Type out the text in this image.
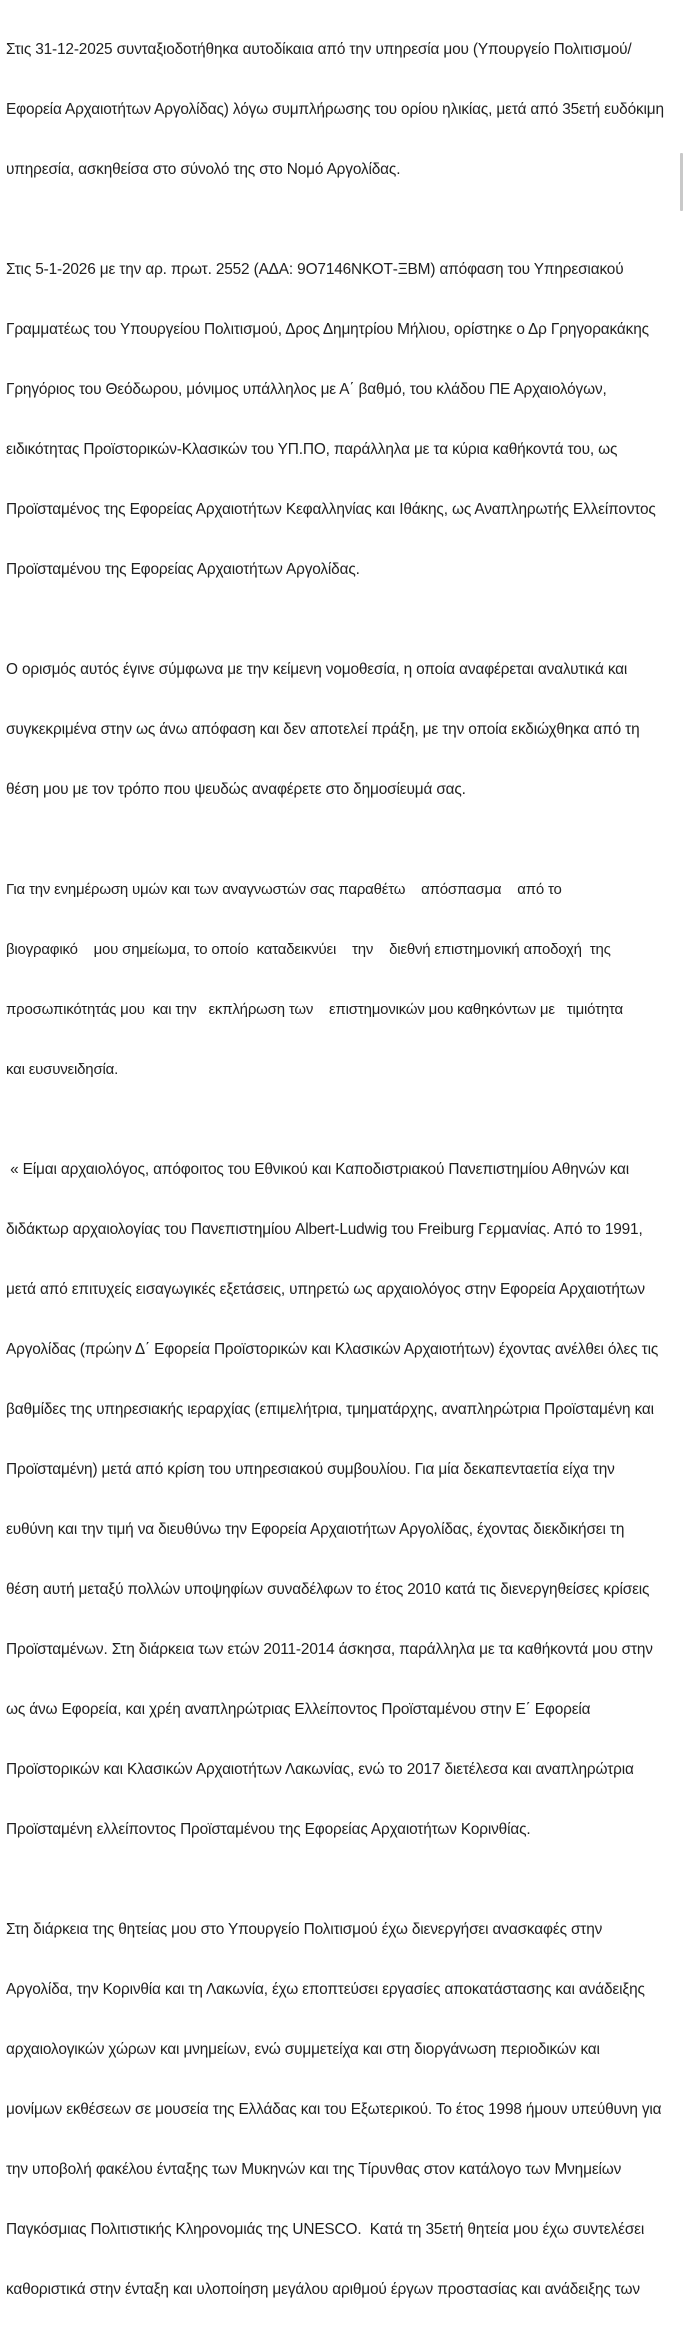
Στις 31-12-2025 συνταξιοδοτήθηκα αυτοδίκαια από την υπηρεσία μου (Υπουργείο Πολιτισμού/

Εφορεία Αρχαιοτήτων Αργολίδας) λόγω συμπλήρωσης του ορίου ηλικίας, μετά από 35ετή ευδόκιμη

υπηρεσία, ασκηθείσα στο σύνολό της στο Νομό Αργολίδας.

Στις 5-1-2026 με την αρ. πρωτ. 2552 (ΑΔΑ: 9Ο7146ΝΚΟΤ-ΞΒΜ) απόφαση του Υπηρεσιακού

Γραμματέως του Υπουργείου Πολιτισμού, Δρος Δημητρίου Μήλιου, ορίστηκε ο Δρ Γρηγορακάκης

Γρηγόριος του Θεόδωρου, μόνιμος υπάλληλος με Α΄ βαθμό, του κλάδου ΠΕ Αρχαιολόγων,

ειδικότητας Προϊστορικών-Κλασικών του ΥΠ.ΠΟ, παράλληλα με τα κύρια καθήκοντά του, ως

Προϊσταμένος της Εφορείας Αρχαιοτήτων Κεφαλληνίας και Ιθάκης, ως Αναπληρωτής Ελλείποντος

Προϊσταμένου της Εφορείας Αρχαιοτήτων Αργολίδας.

Ο ορισμός αυτός έγινε σύμφωνα με την κείμενη νομοθεσία, η οποία αναφέρεται αναλυτικά και

συγκεκριμένα στην ως άνω απόφαση και δεν αποτελεί πράξη, με την οποία εκδιώχθηκα από τη

θέση μου με τον τρόπο που ψευδώς αναφέρετε στο δημοσίευμά σας.

Για την ενημέρωση υμών και των αναγνωστών σας παραθέτω    απόσπασμα    από το

βιογραφικό    μου σημείωμα, το οποίο  καταδεικνύει    την    διεθνή επιστημονική αποδοχή  της

προσωπικότητάς μου  και την   εκπλήρωση των    επιστημονικών μου καθηκόντων με   τιμιότητα

και ευσυνειδησία.

« Είμαι αρχαιολόγος, απόφοιτος του Εθνικού και Καποδιστριακού Πανεπιστημίου Αθηνών και

διδάκτωρ αρχαιολογίας του Πανεπιστημίου Albert-Ludwig του Freiburg Γερμανίας. Από το 1991,

μετά από επιτυχείς εισαγωγικές εξετάσεις, υπηρετώ ως αρχαιολόγος στην Εφορεία Αρχαιοτήτων

Αργολίδας (πρώην Δ΄ Εφορεία Προϊστορικών και Κλασικών Αρχαιοτήτων) έχοντας ανέλθει όλες τις

βαθμίδες της υπηρεσιακής ιεραρχίας (επιμελήτρια, τμηματάρχης, αναπληρώτρια Προϊσταμένη και

Προϊσταμένη) μετά από κρίση του υπηρεσιακού συμβουλίου. Για μία δεκαπενταετία είχα την

ευθύνη και την τιμή να διευθύνω την Εφορεία Αρχαιοτήτων Αργολίδας, έχοντας διεκδικήσει τη

θέση αυτή μεταξύ πολλών υποψηφίων συναδέλφων το έτος 2010 κατά τις διενεργηθείσες κρίσεις

Προϊσταμένων. Στη διάρκεια των ετών 2011-2014 άσκησα, παράλληλα με τα καθήκοντά μου στην

ως άνω Εφορεία, και χρέη αναπληρώτριας Ελλείποντος Προϊσταμένου στην Ε΄ Εφορεία

Προϊστορικών και Κλασικών Αρχαιοτήτων Λακωνίας, ενώ το 2017 διετέλεσα και αναπληρώτρια

Προϊσταμένη ελλείποντος Προϊσταμένου της Εφορείας Αρχαιοτήτων Κορινθίας.

Στη διάρκεια της θητείας μου στο Υπουργείο Πολιτισμού έχω διενεργήσει ανασκαφές στην

Αργολίδα, την Κορινθία και τη Λακωνία, έχω εποπτεύσει εργασίες αποκατάστασης και ανάδειξης

αρχαιολογικών χώρων και μνημείων, ενώ συμμετείχα και στη διοργάνωση περιοδικών και

μονίμων εκθέσεων σε μουσεία της Ελλάδας και του Εξωτερικού. Το έτος 1998 ήμουν υπεύθυνη για

την υποβολή φακέλου ένταξης των Μυκηνών και της Τίρυνθας στον κατάλογο των Μνημείων

Παγκόσμιας Πολιτιστικής Κληρονομιάς της UNESCO.  Κατά τη 35ετή θητεία μου έχω συντελέσει

καθοριστικά στην ένταξη και υλοποίηση μεγάλου αριθμού έργων προστασίας και ανάδειξης των
